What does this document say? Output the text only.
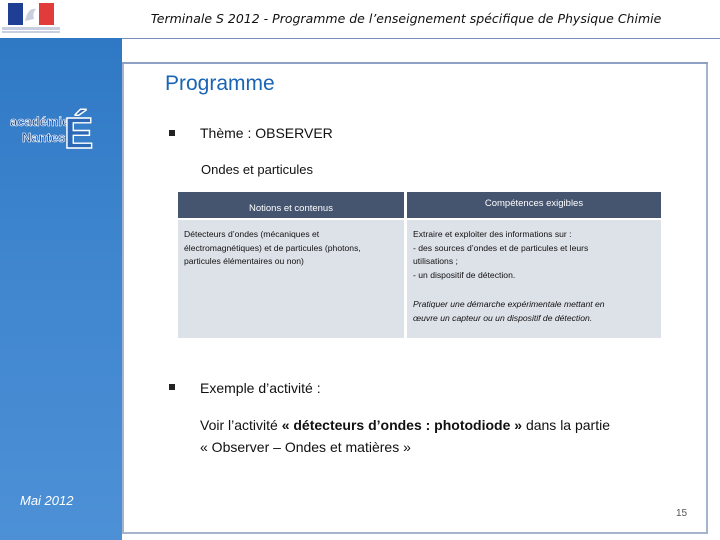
Terminale S 2012 - Programme de l’enseignement spécifique de Physique Chimie
académie
Nantes
É
Mai 2012
Programme
Thème : OBSERVER
Ondes et particules
Notions et contenus	Compétences exigibles
Détecteurs d’ondes (mécaniques et
électromagnétiques) et de particules (photons,
particules élémentaires ou non)
Extraire et exploiter des informations sur :
- des sources d’ondes et de particules et leurs
utilisations ;
- un dispositif de détection.
Pratiquer une démarche expérimentale mettant en
œuvre un capteur ou un dispositif de détection.
Exemple d’activité :
Voir l’activité « détecteurs d’ondes : photodiode » dans la partie
« Observer – Ondes et matières »
15
